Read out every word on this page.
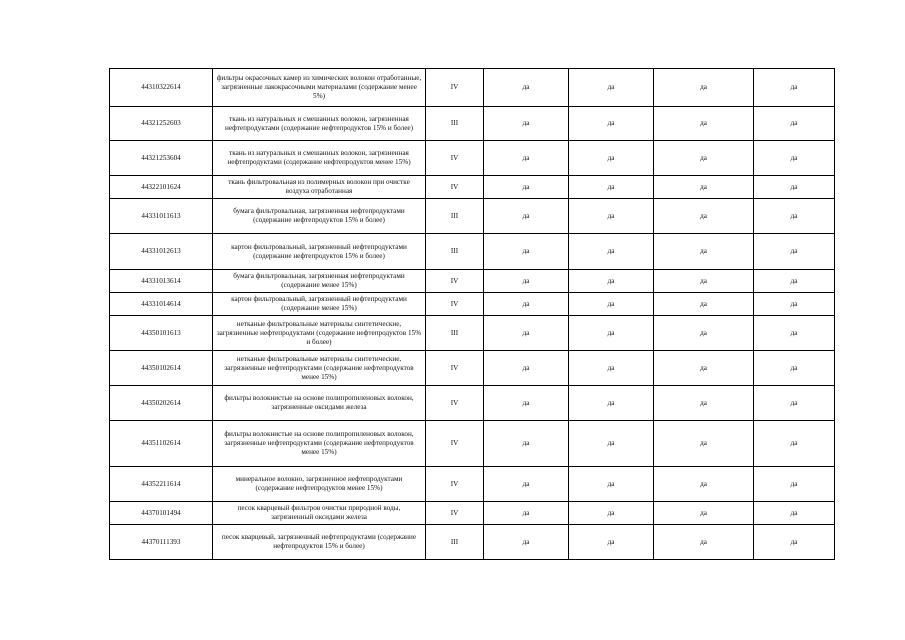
44310322614	фильтры окрасочных камер из химических волокон отработанные, загрязненные лакокрасочными материалами (содержание менее 5%)	IV	да	да	да	да
44321252603	ткань из натуральных и смешанных волокон, загрязненная нефтепродуктами (содержание нефтепродуктов 15% и более)	III	да	да	да	да
44321253604	ткань из натуральных и смешанных волокон, загрязненная нефтепродуктами (содержание нефтепродуктов менее 15%)	IV	да	да	да	да
44322101624	ткань фильтровальная из полимерных волокон при очистке воздуха отработанная	IV	да	да	да	да
44331011613	бумага фильтровальная, загрязненная нефтепродуктами (содержание нефтепродуктов 15% и более)	III	да	да	да	да
44331012613	картон фильтровальный, загрязненный нефтепродуктами (содержание нефтепродуктов 15% и более)	III	да	да	да	да
44331013614	бумага фильтровальная, загрязненная нефтепродуктами (содержание менее 15%)	IV	да	да	да	да
44331014614	картон фильтровальный, загрязненный нефтепродуктами (содержание менее 15%)	IV	да	да	да	да
44350101613	нетканые фильтровальные материалы синтетические, загрязненные нефтепродуктами (содержание нефтепродуктов 15% и более)	III	да	да	да	да
44350102614	нетканые фильтровальные материалы синтетические, загрязненные нефтепродуктами (содержание нефтепродуктов менее 15%)	IV	да	да	да	да
44350202614	фильтры волокнистые на основе полипропиленовых волокон, загрязненные оксидами железа	IV	да	да	да	да
44351102614	фильтры волокнистые на основе полипропиленовых волокон, загрязненные нефтепродуктами (содержание нефтепродуктов менее 15%)	IV	да	да	да	да
44352211614	минеральное волокно, загрязненное нефтепродуктами (содержание нефтепродуктов менее 15%)	IV	да	да	да	да
44370101494	песок кварцевый фильтров очистки природной воды, загрязненный оксидами железа	IV	да	да	да	да
44370111393	песок кварцевый, загрязненный нефтепродуктами (содержание нефтепродуктов 15% и более)	III	да	да	да	да
